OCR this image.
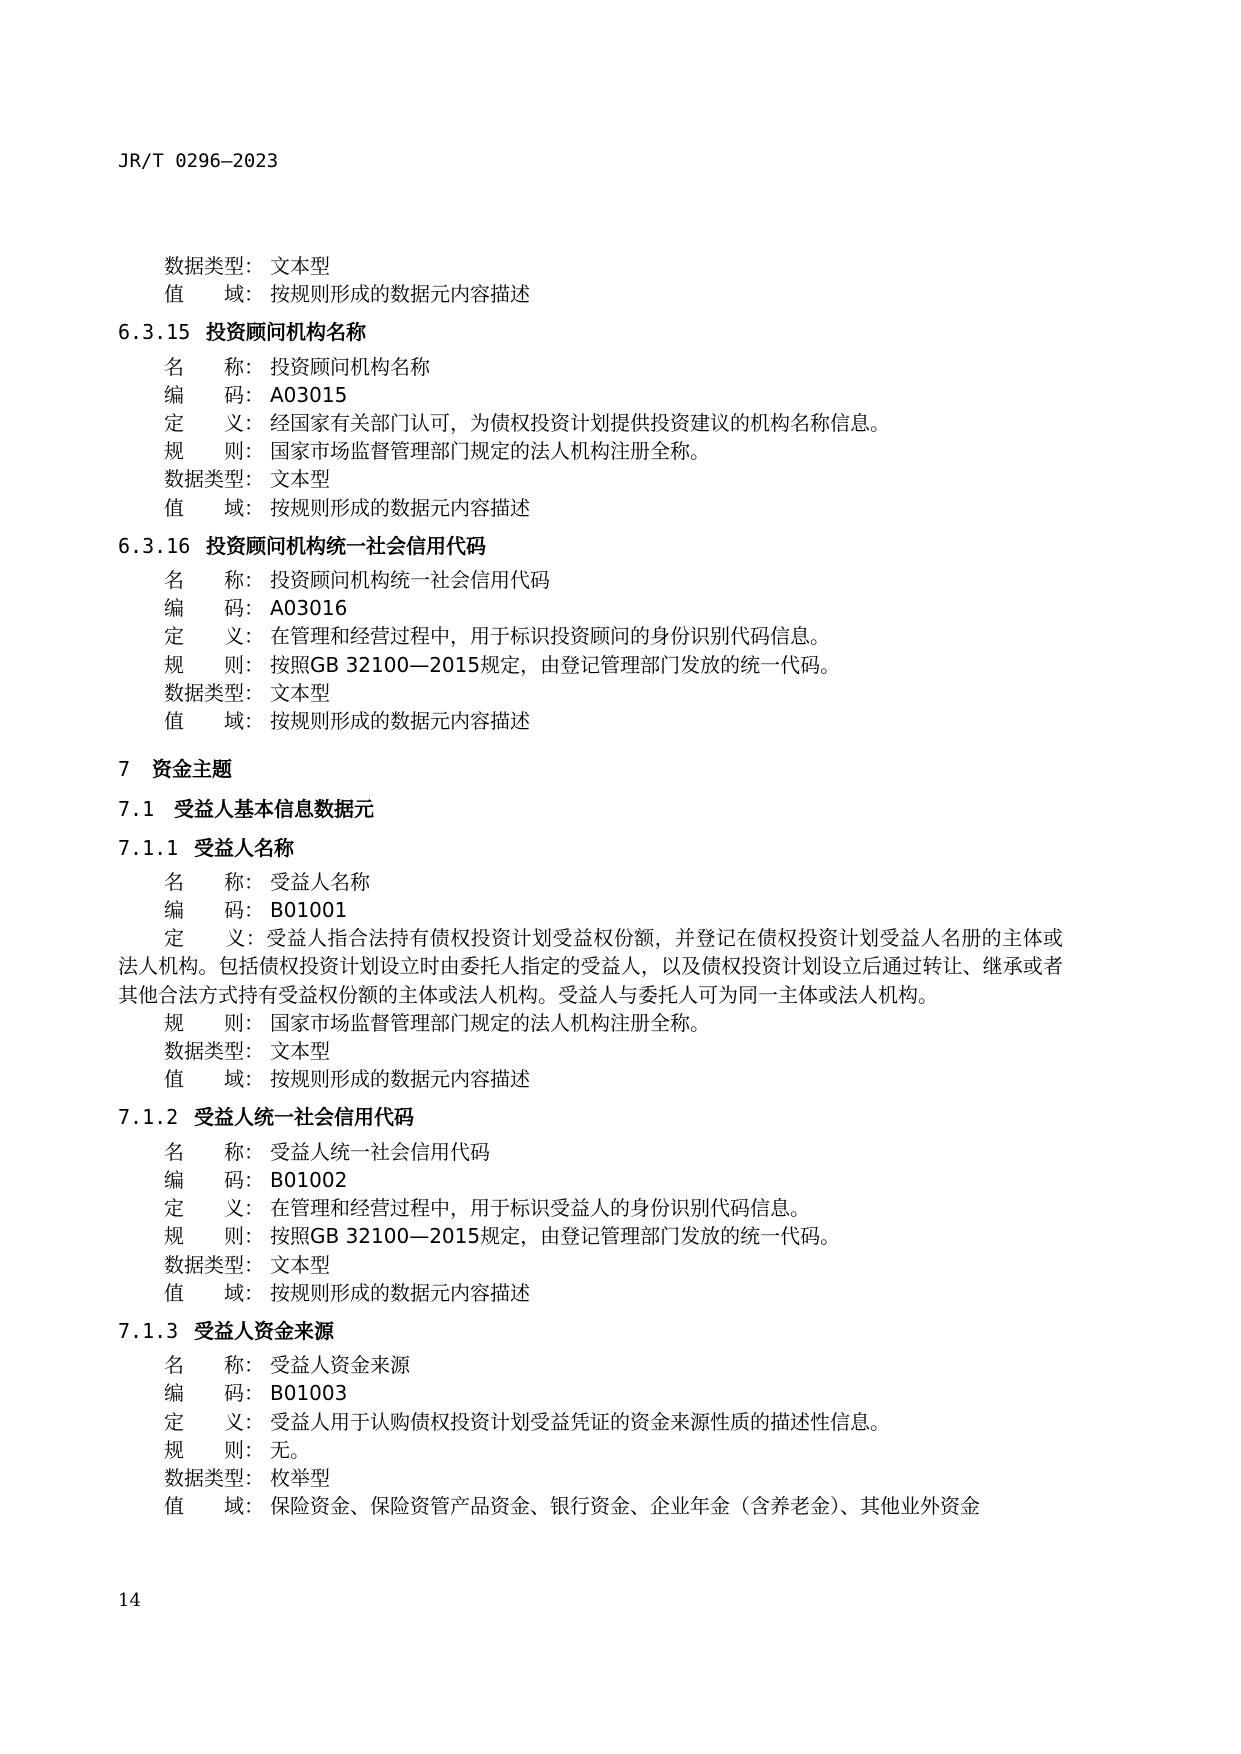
JR/T 0296—2023
数据类型： 文本型
值　　域： 按规则形成的数据元内容描述
6.3.15 投资顾问机构名称
名　　称： 投资顾问机构名称
编　　码： A03015
定　　义： 经国家有关部门认可，为债权投资计划提供投资建议的机构名称信息。
规　　则： 国家市场监督管理部门规定的法人机构注册全称。
数据类型： 文本型
值　　域： 按规则形成的数据元内容描述
6.3.16 投资顾问机构统一社会信用代码
名　　称： 投资顾问机构统一社会信用代码
编　　码： A03016
定　　义： 在管理和经营过程中，用于标识投资顾问的身份识别代码信息。
规　　则： 按照GB 32100—2015规定，由登记管理部门发放的统一代码。
数据类型： 文本型
值　　域： 按规则形成的数据元内容描述
7 资金主题
7.1 受益人基本信息数据元
7.1.1 受益人名称
名　　称： 受益人名称
编　　码： B01001
定　　义：受益人指合法持有债权投资计划受益权份额，并登记在债权投资计划受益人名册的主体或法人机构。包括债权投资计划设立时由委托人指定的受益人，以及债权投资计划设立后通过转让、继承或者其他合法方式持有受益权份额的主体或法人机构。受益人与委托人可为同一主体或法人机构。
规　　则： 国家市场监督管理部门规定的法人机构注册全称。
数据类型： 文本型
值　　域： 按规则形成的数据元内容描述
7.1.2 受益人统一社会信用代码
名　　称： 受益人统一社会信用代码
编　　码： B01002
定　　义： 在管理和经营过程中，用于标识受益人的身份识别代码信息。
规　　则： 按照GB 32100—2015规定，由登记管理部门发放的统一代码。
数据类型： 文本型
值　　域： 按规则形成的数据元内容描述
7.1.3 受益人资金来源
名　　称： 受益人资金来源
编　　码： B01003
定　　义： 受益人用于认购债权投资计划受益凭证的资金来源性质的描述性信息。
规　　则： 无。
数据类型： 枚举型
值　　域： 保险资金、保险资管产品资金、银行资金、企业年金（含养老金）、其他业外资金
14
